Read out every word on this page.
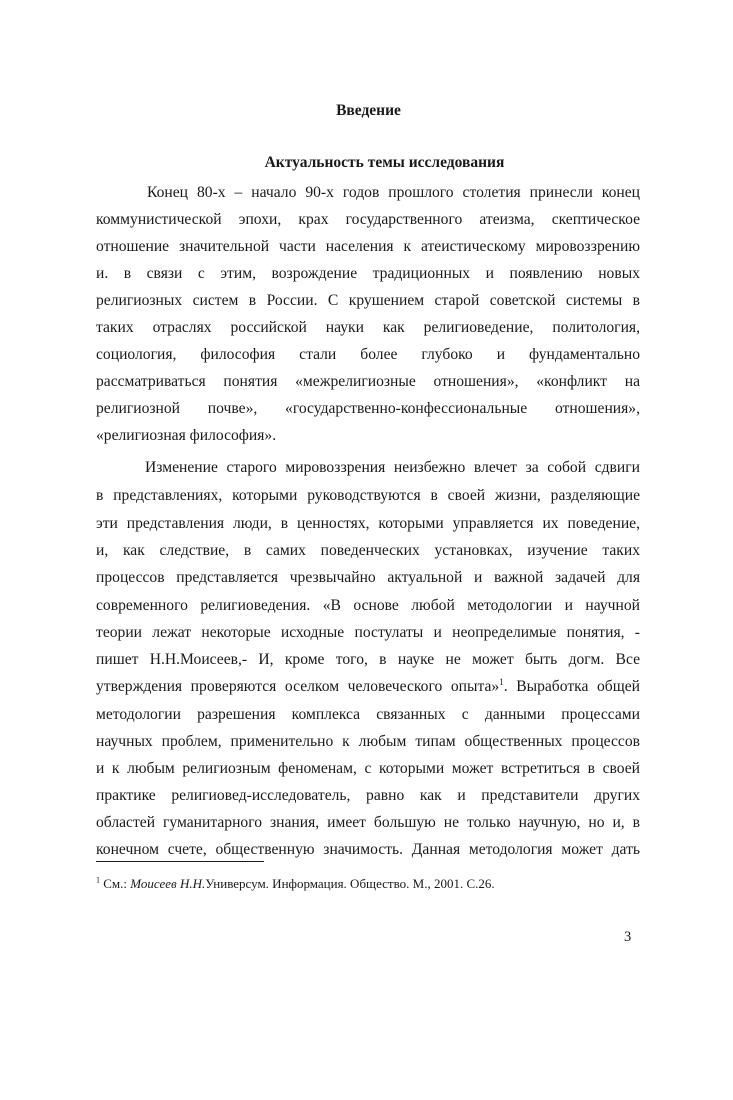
Введение
Актуальность темы исследования

Конец 80-х – начало 90-х годов прошлого столетия принесли конец

коммунистической эпохи, крах государственного атеизма, скептическое

отношение значительной части населения к атеистическому мировоззрению

и. в связи с этим, возрождение традиционных и появлению новых

религиозных систем в России. С крушением старой советской системы в

таких отраслях российской науки как религиоведение, политология,

социология, философия стали более глубоко и фундаментально

рассматриваться понятия «межрелигиозные отношения», «конфликт на

религиозной почве», «государственно-конфессиональные отношения»,

«религиозная философия».

Изменение старого мировоззрения неизбежно влечет за собой сдвиги

в представлениях, которыми руководствуются в своей жизни, разделяющие

эти представления люди, в ценностях, которыми управляется их поведение,

и, как следствие, в самих поведенческих установках, изучение таких

процессов представляется чрезвычайно актуальной и важной задачей для

современного религиоведения. «В основе любой методологии и научной

теории лежат некоторые исходные постулаты и неопределимые понятия, -

пишет Н.Н.Моисеев,- И, кроме того, в науке не может быть догм. Все

утверждения проверяются оселком человеческого опыта»$^1$. Выработка общей

методологии разрешения комплекса связанных с данными процессами

научных проблем, применительно к любым типам общественных процессов

и к любым религиозным феноменам, с которыми может встретиться в своей

практике религиовед-исследователь, равно как и представители других

областей гуманитарного знания, имеет большую не только научную, но и, в

конечном счете, общественную значимость. Данная методология может дать

$^1$ См.: Моисеев Н.Н.Универсум. Информация. Общество. М., 2001. С.26.

3
